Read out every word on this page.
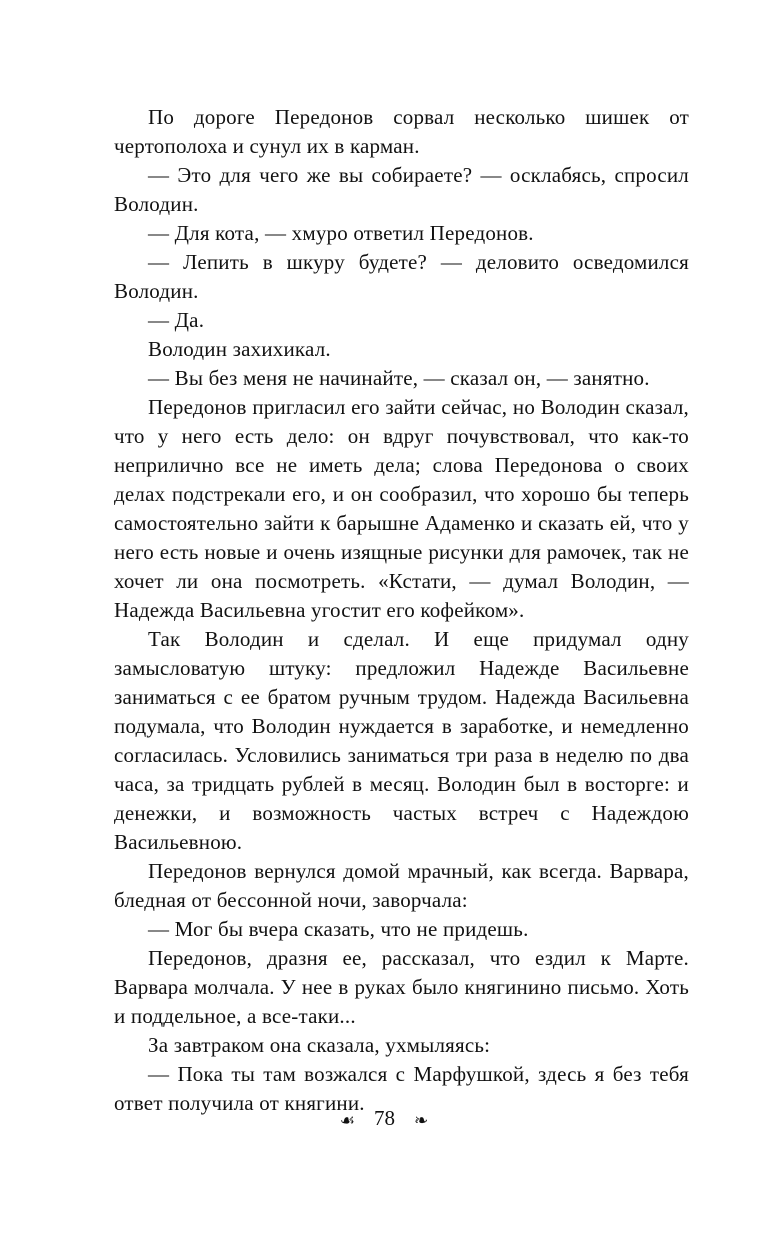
По дороге Передонов сорвал несколько шишек от чертополоха и сунул их в карман.

— Это для чего же вы собираете? — осклабясь, спросил Володин.

— Для кота, — хмуро ответил Передонов.

— Лепить в шкуру будете? — деловито осведомился Володин.

— Да.

Володин захихикал.

— Вы без меня не начинайте, — сказал он, — занятно.

Передонов пригласил его зайти сейчас, но Володин сказал, что у него есть дело: он вдруг почувствовал, что как-то неприлично все не иметь дела; слова Передонова о своих делах подстрекали его, и он сообразил, что хорошо бы теперь самостоятельно зайти к барышне Адаменко и сказать ей, что у него есть новые и очень изящные рисунки для рамочек, так не хочет ли она посмотреть. «Кстати, — думал Володин, — Надежда Васильевна угостит его кофейком».

Так Володин и сделал. И еще придумал одну замысловатую штуку: предложил Надежде Васильевне заниматься с ее братом ручным трудом. Надежда Васильевна подумала, что Володин нуждается в заработке, и немедленно согласилась. Условились заниматься три раза в неделю по два часа, за тридцать рублей в месяц. Володин был в восторге: и денежки, и возможность частых встреч с Надеждою Васильевною.

Передонов вернулся домой мрачный, как всегда. Варвара, бледная от бессонной ночи, заворчала:

— Мог бы вчера сказать, что не придешь.

Передонов, дразня ее, рассказал, что ездил к Марте. Варвара молчала. У нее в руках было княгинино письмо. Хоть и поддельное, а все-таки...

За завтраком она сказала, ухмыляясь:

— Пока ты там возжался с Марфушкой, здесь я без тебя ответ получила от княгини.

☙ 78 ❧
